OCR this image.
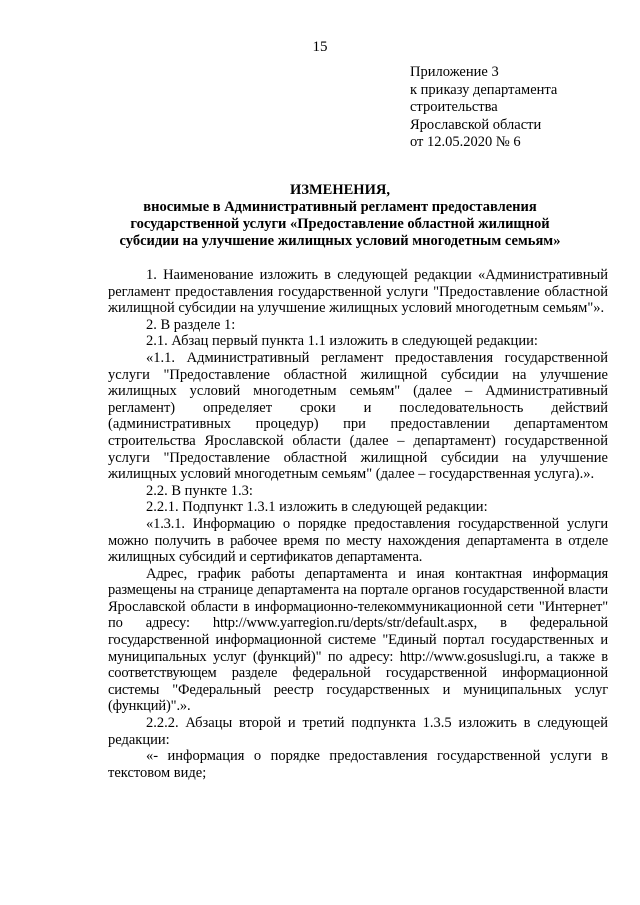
15
Приложение 3
к приказу департамента
строительства
Ярославской области
от 12.05.2020 № 6
ИЗМЕНЕНИЯ,
вносимые в Административный регламент предоставления
государственной услуги «Предоставление областной жилищной
субсидии на улучшение жилищных условий многодетным семьям»

1. Наименование изложить в следующей редакции «Административный регламент предоставления государственной услуги "Предоставление областной жилищной субсидии на улучшение жилищных условий многодетным семьям"».

2. В разделе 1:

2.1. Абзац первый пункта 1.1 изложить в следующей редакции:

«1.1. Административный регламент предоставления государственной услуги "Предоставление областной жилищной субсидии на улучшение жилищных условий многодетным семьям" (далее – Административный регламент) определяет сроки и последовательность действий (административных процедур) при предоставлении департаментом строительства Ярославской области (далее – департамент) государственной услуги "Предоставление областной жилищной субсидии на улучшение жилищных условий многодетным семьям" (далее – государственная услуга).».

2.2. В пункте 1.3:

2.2.1. Подпункт 1.3.1 изложить в следующей редакции:

«1.3.1. Информацию о порядке предоставления государственной услуги можно получить в рабочее время по месту нахождения департамента в отделе жилищных субсидий и сертификатов департамента.

Адрес, график работы департамента и иная контактная информация размещены на странице департамента на портале органов государственной власти Ярославской области в информационно-телекоммуникационной сети "Интернет" по адресу: http://www.yarregion.ru/depts/str/default.aspx, в федеральной государственной информационной системе "Единый портал государственных и муниципальных услуг (функций)" по адресу: http://www.gosuslugi.ru, а также в соответствующем разделе федеральной государственной информационной системы "Федеральный реестр государственных и муниципальных услуг (функций)".».

2.2.2. Абзацы второй и третий подпункта 1.3.5 изложить в следующей редакции:

«- информация о порядке предоставления государственной услуги в текстовом виде;
